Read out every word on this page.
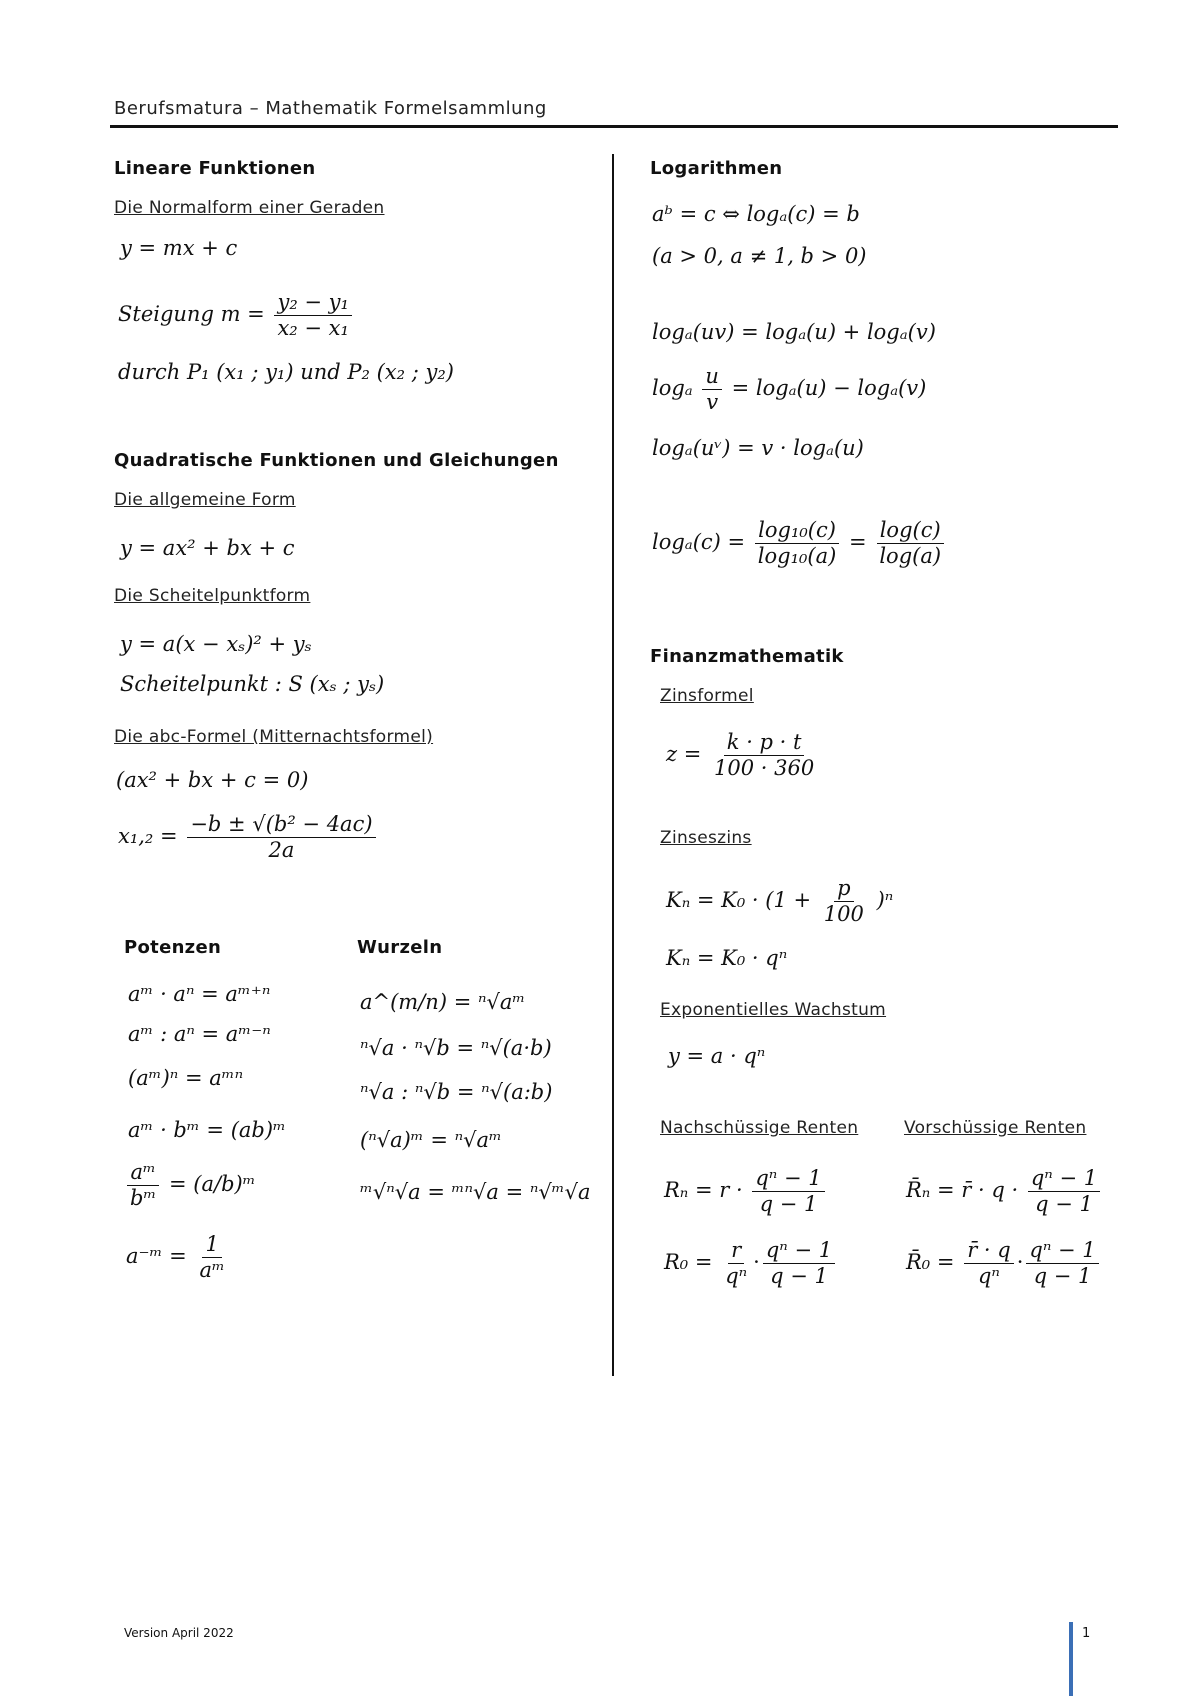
Berufsmatura – Mathematik Formelsammlung
Lineare Funktionen
Die Normalform einer Geraden
y = mx + c
Steigung $m = \frac{\text{y₂ − y₁}}{\text{x₂ − x₁}}$
durch P₁ (x₁ ; y₁) und P₂ (x₂ ; y₂)
Quadratische Funktionen und Gleichungen
Die allgemeine Form
y = ax² + bx + c
Die Scheitelpunktform
y = a(x − xₛ)² + yₛ
Scheitelpunkt : S (xₛ ; yₛ)
Die abc-Formel (Mitternachtsformel)
(ax² + bx + c = 0)
$x_1,_2 = \frac{\text{−b ± √(b² − 4ac)}}{2a}$
Potenzen
aᵐ · aⁿ = aᵐ⁺ⁿ
aᵐ : aⁿ = aᵐ⁻ⁿ
(aᵐ)ⁿ = aᵐⁿ
aᵐ · bᵐ = (ab)ᵐ
$\frac{\text{aᵐ}}{\text{bᵐ}}$ = (a/b)ᵐ
a⁻ᵐ = $\frac{1}{\text{aᵐ}}$
Wurzeln
a^(m/n) = ⁿ√aᵐ
ⁿ√a · ⁿ√b = ⁿ√(a·b)
ⁿ√a : ⁿ√b = ⁿ√(a:b)
(ⁿ√a)ᵐ = ⁿ√aᵐ
ᵐ√ⁿ√a = ᵐⁿ√a = ⁿ√ᵐ√a
Logarithmen
aᵇ = c ⇔ logₐ(c) = b
(a > 0, a ≠ 1, b > 0)
logₐ(uv) = logₐ(u) + logₐ(v)
logₐ $\frac{u}{v} = \log_a(u) - \log_a(v)$
logₐ(uᵛ) = v · logₐ(u)
$\log_a(c) = \frac{\text{log₁₀(c)}}{\text{log₁₀(a)}} = \frac{\log(c)}{\log(a)}$
Finanzmathematik
Zinsformel
$z = \frac{k \cdot p \cdot t}{100 \cdot 360}$
Zinseszins
$K_n = K_0 \cdot (1 + \frac{p}{100} )^n$
Kₙ = K₀ · qⁿ
Exponentielles Wachstum
y = a · qⁿ
Nachschüssige Renten	Vorschüssige Renten
$R_n = r \cdot \frac{\text{qⁿ − 1}}{q - 1}$
$R_0 = \frac{r}{\text{qⁿ}} \cdot \frac{\text{qⁿ − 1}}{q - 1}$
R̄ₙ = r̄ · $q \cdot \frac{\text{qⁿ − 1}}{q - 1}$
R̄₀ = $\frac{r̄ \cdot q}{\text{qⁿ}} \cdot \frac{\text{qⁿ − 1}}{q - 1}$
Version April 2022	1
